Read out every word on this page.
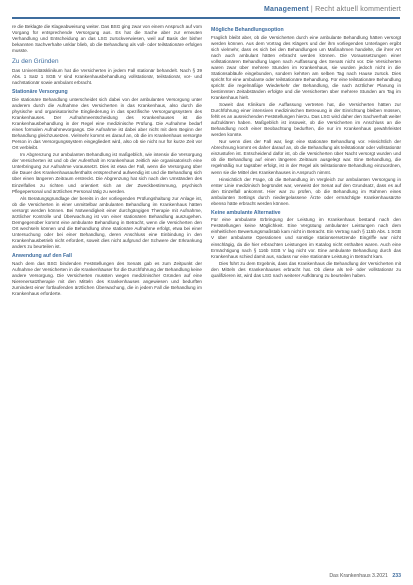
Management | Recht aktuell kommentiert

re die Beklagte die Klageabweisung weiter. Das BSG ging zwar von einem Anspruch auf vom Vorgang für entsprechende Versorgung aus. Es hat die Sache aber zur erneuten Verhandlung und Entscheidung an das LSG zurückverwiesen, weil auf Basis der bisher bekannten Sachverhalte unklar blieb, ob die Behandlung als voll- oder teilstationäre erfolgen musste.

Zu den Gründen

Das Universitätsklinikum hat die Versicherten in jedem Fall stationär behandelt. Nach § 39 Abs. 1 Satz 1 SGB V sind Krankenhausbehandlung vollstationär, teilstationär, vor- und nachstationär sowie ambulant erbracht.

Stationäre Versorgung

Die stationäre Behandlung unterscheidet sich dabei von der ambulanten Versorgung unter anderem durch die Aufnahme des Versicherten in das Krankenhaus, also durch die physische und organisatorische Eingliederung in das spezifische Versorgungssystem des Krankenhauses. Der Aufnahmeentscheidung des Krankenhauses ist die Krankenhausbehandlung in der Regel eine medizinische Prüfung. Die Aufnahme bedarf eines formalen Aufnahmevorgangs. Die Aufnahme ist dabei aber nicht mit dem Beginn der Behandlung gleichzusetzen. Vielmehr kommt es darauf an, ob die im Krankenhaus versorgte Person in das Versorgungssystem eingegliedert wird, also ob sie nicht nur für kurze Zeit vor Ort verbleibt.

Im Abgrenzung zur ambulanten Behandlung ist maßgeblich, wie intensiv die Versorgung der Versicherten ist und ob der Aufenthalt im Krankenhaus zeitlich wie organisatorisch eine Unterbringung zur Aufnahme voraussetzt. Dies ist etwa der Fall, wenn die Versorgung über die Dauer des Krankenhausaufenthalts entsprechend aufwendig ist und die Behandlung sich über einen längeren Zeitraum erstreckt. Die Abgrenzung hat sich nach den Umständen des Einzelfalles zu richten und orientiert sich an der Zweckbestimmung, psychisch Pflegepersonal und ärztliches Personal tätig zu werden.

Als Beratungsgrundlage der bereits in der vorliegenden Prüfungshaltung zur Anlage ist, ob die Versicherten in einer unmittelbar ambulanten Behandlung im Krankenhaus hätten versorgt werden können. Bei Notwendigkeit einer durchgängigen Therapie mit Aufnahme, ärztlicher Kontrolle und Überwachung ist von einer stationären Behandlung auszugehen. Demgegenüber kommt eine ambulante Behandlung in Betracht, wenn die Versicherten den Ort wechseln können und die Behandlung ohne stationäre Aufnahme erfolgt, etwa bei einer Untersuchung oder bei einer Behandlung, deren Anschluss eine Einbindung in den Krankenhausbetrieb nicht erfordert, soweit dies nicht aufgrund der Schwere der Erkrankung anders zu beurteilen ist.

Anwendung auf den Fall

Nach dem das BSG bindenden Feststellungen des Senats gab es zum Zeitpunkt der Aufnahme der Versicherten in die Krankenhäuser für die Durchführung der Behandlung keine andere Versorgung. Die Versicherten mussten wegen medizinischer Gründen auf eine Nierenersatztherapie mit den Mitteln des Krankenhauses angewiesen und bedurften zumindest einer fortlaufenden ärztlichen Überwachung, die in jedem Fall die Behandlung im Krankenhaus erforderte.

Mögliche Behandlungsoption

Fraglich bleibt aber, ob die Versicherten durch eine ambulante Behandlung hätten versorgt werden können. Aus dem Vortrag des Klägers und der ihm vorliegenden Unterlagen ergibt sich vielmehr, dass es sich bei den Behandlungen um Maßnahmen handelte, die ihrer Art nach auch ambulant hätten erbracht werden können. Die Voraussetzungen einer vollstationären Behandlung lagen nach Auffassung des Senats nicht vor. Die Versicherten waren zwar über mehrere Stunden im Krankenhaus, sie wurden jedoch nicht in die Stationsabläufe eingebunden, sondern kehrten am selben Tag nach Hause zurück. Dies spricht für eine ambulante oder teilstationäre Behandlung. Für eine teilstationäre Behandlung spricht die regelmäßige Wiederkehr der Behandlung, die nach ärztlicher Planung in bestimmten Zeitabständen erfolgte und die Versicherten über mehrere Stunden am Tag im Krankenhaus hielt.

Soweit das Klinikum die Auffassung vertreten hat, die Versicherten hätten zur Durchführung einer intensiven medizinischen Betreuung in der Einrichtung bleiben müssen, fehlt es an ausreichenden Feststellungen hierzu. Das LSG wird daher den Sachverhalt weiter aufzuklären haben. Maßgeblich ist insoweit, ob die Versicherten im Anschluss an die Behandlung noch einer Beobachtung bedurften, die nur im Krankenhaus gewährleistet werden konnte.

Nur wenn dies der Fall war, liegt eine stationäre Behandlung vor. Hinsichtlich der Abrechnung kommt es daher darauf an, ob die Behandlung als teilstationär oder vollstationär einzustufen ist. Entscheidend dafür ist, ob die Versicherten über Nacht versorgt wurden und ob die Behandlung auf einen längeren Zeitraum ausgelegt war. Eine Behandlung, die regelmäßig nur tagsüber erfolgt, ist in der Regel als teilstationäre Behandlung einzuordnen, wenn sie die Mittel des Krankenhauses in Anspruch nimmt.

Hinsichtlich der Frage, ob die Behandlung im Vergleich zur ambulanten Versorgung in erster Linie medizinisch begründet war, verweist der Senat auf den Grundsatz, dass es auf den Einzelfall ankommt. Hier war zu prüfen, ob die Behandlung im Rahmen eines ambulanten Settings durch niedergelassene Ärzte oder ermächtigte Krankenhausärzte ebenso hätte erbracht werden können.

Keine ambulante Alternative

Für eine ambulante Erbringung der Leistung im Krankenhaus bestand nach den Feststellungen keine Möglichkeit. Eine Vergütung ambulanter Leistungen nach dem einheitlichen Bewertungsmaßstab kam nicht in Betracht. Ein Vertrag nach § 115b Abs. 1 SGB V über ambulante Operationen und sonstige stationsersetzende Eingriffe war nicht einschlägig, da die hier erbrachten Leistungen im Katalog nicht enthalten waren. Auch eine Ermächtigung nach § 116b SGB V lag nicht vor. Eine ambulante Behandlung durch das Krankenhaus schied damit aus, sodass nur eine stationäre Leistung in Betracht kam.

Dies führt zu dem Ergebnis, dass das Krankenhaus die Behandlung der Versicherten mit den Mitteln des Krankenhauses erbracht hat. Ob diese als teil- oder vollstationär zu qualifizieren ist, wird das LSG nach weiterer Aufklärung zu beurteilen haben.

Das Krankenhaus 3.2021 233
